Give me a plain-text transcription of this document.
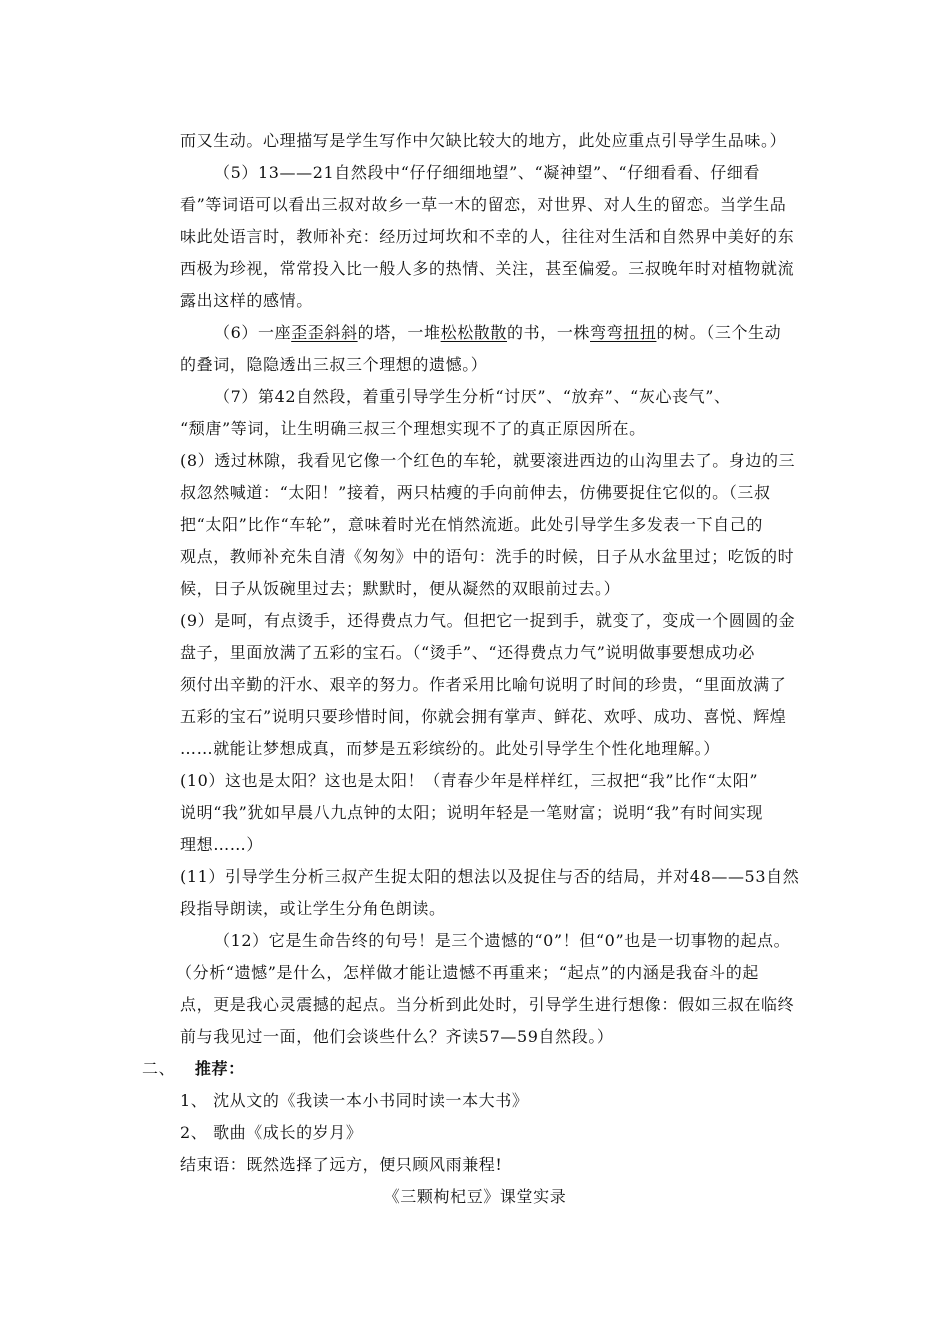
而又生动。心理描写是学生写作中欠缺比较大的地方，此处应重点引导学生品味。）
（5）13——21自然段中“仔仔细细地望”、“凝神望”、“仔细看看、仔细看
看”等词语可以看出三叔对故乡一草一木的留恋，对世界、对人生的留恋。当学生品
味此处语言时，教师补充：经历过坷坎和不幸的人，往往对生活和自然界中美好的东
西极为珍视，常常投入比一般人多的热情、关注，甚至偏爱。三叔晚年时对植物就流
露出这样的感情。
（6）一座歪歪斜斜的塔，一堆松松散散的书，一株弯弯扭扭的树。（三个生动
的叠词，隐隐透出三叔三个理想的遗憾。）
（7）第42自然段，着重引导学生分析“讨厌”、“放弃”、“灰心丧气”、
“颓唐”等词，让生明确三叔三个理想实现不了的真正原因所在。
(8）透过林隙，我看见它像一个红色的车轮，就要滚进西边的山沟里去了。身边的三
叔忽然喊道：“太阳！”接着，两只枯瘦的手向前伸去，仿佛要捉住它似的。（三叔
把“太阳”比作“车轮”，意味着时光在悄然流逝。此处引导学生多发表一下自己的
观点，教师补充朱自清《匆匆》中的语句：洗手的时候，日子从水盆里过；吃饭的时
候，日子从饭碗里过去；默默时，便从凝然的双眼前过去。）
(9）是呵，有点烫手，还得费点力气。但把它一捉到手，就变了，变成一个圆圆的金
盘子，里面放满了五彩的宝石。（“烫手”、“还得费点力气”说明做事要想成功必
须付出辛勤的汗水、艰辛的努力。作者采用比喻句说明了时间的珍贵，“里面放满了
五彩的宝石”说明只要珍惜时间，你就会拥有掌声、鲜花、欢呼、成功、喜悦、辉煌
……就能让梦想成真，而梦是五彩缤纷的。此处引导学生个性化地理解。）
(10）这也是太阳？这也是太阳！（青春少年是样样红，三叔把“我”比作“太阳”
说明“我”犹如早晨八九点钟的太阳；说明年轻是一笔财富；说明“我”有时间实现
理想……）
(11）引导学生分析三叔产生捉太阳的想法以及捉住与否的结局，并对48——53自然
段指导朗读，或让学生分角色朗读。
（12）它是生命告终的句号！是三个遗憾的“0”！但“0”也是一切事物的起点。
（分析“遗憾”是什么，怎样做才能让遗憾不再重来；“起点”的内涵是我奋斗的起
点，更是我心灵震撼的起点。当分析到此处时，引导学生进行想像：假如三叔在临终
前与我见过一面，他们会谈些什么？齐读57—59自然段。）
二、 推荐：
1、 沈从文的《我读一本小书同时读一本大书》
2、 歌曲《成长的岁月》
结束语：既然选择了远方，便只顾风雨兼程!
《三颗枸杞豆》课堂实录
